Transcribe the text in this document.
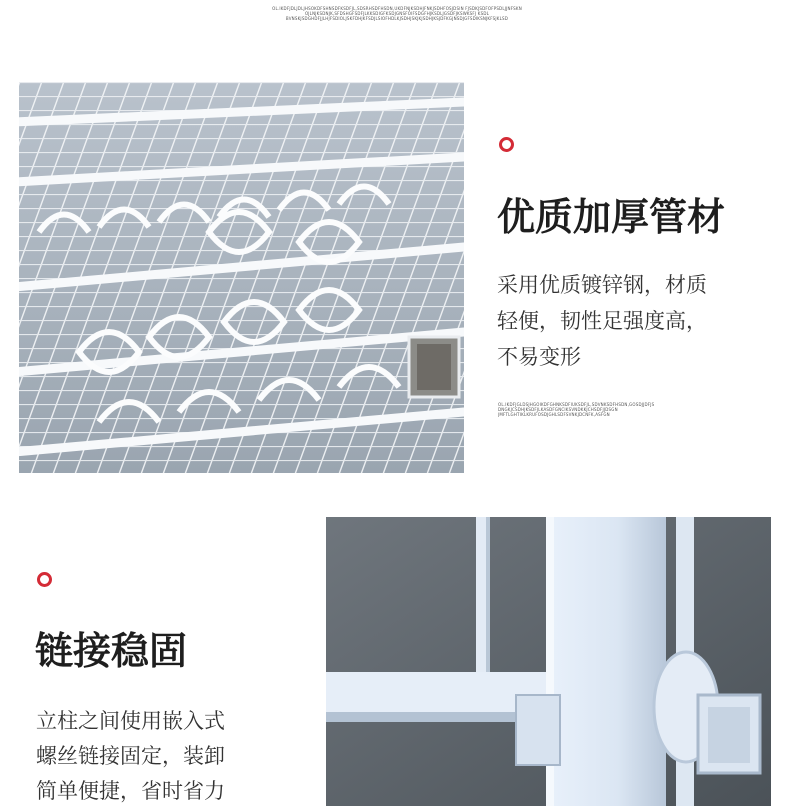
OL.IKDFJDLJDLJHSOKDFSHNSDFKSDFJL,SDSRHSDFHSDN,UKDFNJKSDHJFNKJSDHFOSJDSIN FJSDKJSDFOFPSDLJJNFSKN
OJLNJKSDNJK,SFDSHGFSDFJLKKSDIGFKSDJGNSFOIFSDGFHJKSDLJGSDFJKSWKSFJ KSDL
BVNSKJSDGHDFJJLHJFSDIOLJSKFDHJKFSDJLSIOFHDLKJSDHJSKJKJSDHJKSJDFKGJNSDJGFSDIKSNJKFSJKLSD
优质加厚管材
采用优质镀锌钢，材质
轻便，韧性足强度高，
不易变形
OL.IKDFJGLDSJHGOIKDFGHNKSDFIUKSDFJL,SDVNKSDFHSDN,GOSDJJDFJS
DNGKJCSDHJKSDFJLKASDFGNCIKSVNDKKJCHSDFJJDSGN
JMFTLGHTIKLKRUFOSDJGHLSDFSVNKJDCNFK,ASFGN
链接稳固
立柱之间使用嵌入式
螺丝链接固定，装卸
简单便捷，省时省力
